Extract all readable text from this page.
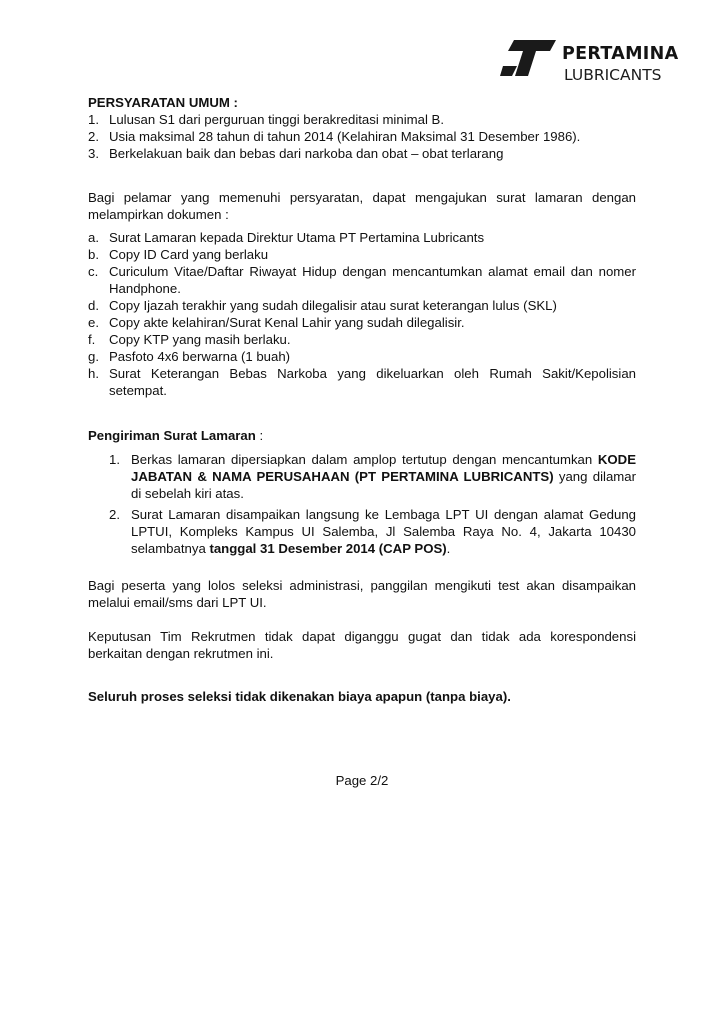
PERTAMINA
LUBRICANTS

PERSYARATAN UMUM :

1. Lulusan S1 dari perguruan tinggi berakreditasi minimal B.
2. Usia maksimal 28 tahun di tahun 2014 (Kelahiran Maksimal 31 Desember 1986).
3. Berkelakuan baik dan bebas dari narkoba dan obat – obat terlarang

Bagi pelamar yang memenuhi persyaratan, dapat mengajukan surat lamaran dengan melampirkan dokumen :

a. Surat Lamaran kepada Direktur Utama PT Pertamina Lubricants
b. Copy ID Card yang berlaku
c. Curiculum Vitae/Daftar Riwayat Hidup dengan mencantumkan alamat email dan nomer Handphone.
d. Copy Ijazah terakhir yang sudah dilegalisir atau surat keterangan lulus (SKL)
e. Copy akte kelahiran/Surat Kenal Lahir yang sudah dilegalisir.
f.	Copy KTP yang masih berlaku.
g. Pasfoto 4x6 berwarna (1 buah)
h. Surat Keterangan Bebas Narkoba yang dikeluarkan oleh Rumah Sakit/Kepolisian setempat.

Pengiriman Surat Lamaran :

1. Berkas lamaran dipersiapkan dalam amplop tertutup dengan mencantumkan KODE JABATAN & NAMA PERUSAHAAN (PT PERTAMINA LUBRICANTS) yang dilamar di sebelah kiri atas.
2. Surat Lamaran disampaikan langsung ke Lembaga LPT UI dengan alamat Gedung LPTUI, Kompleks Kampus UI Salemba, Jl Salemba Raya No. 4, Jakarta 10430 selambatnya tanggal 31 Desember 2014 (CAP POS).

Bagi peserta yang lolos seleksi administrasi, panggilan mengikuti test akan disampaikan melalui email/sms dari LPT UI.

Keputusan Tim Rekrutmen tidak dapat diganggu gugat dan tidak ada korespondensi berkaitan dengan rekrutmen ini.

Seluruh proses seleksi tidak dikenakan biaya apapun (tanpa biaya).

Page 2/2
